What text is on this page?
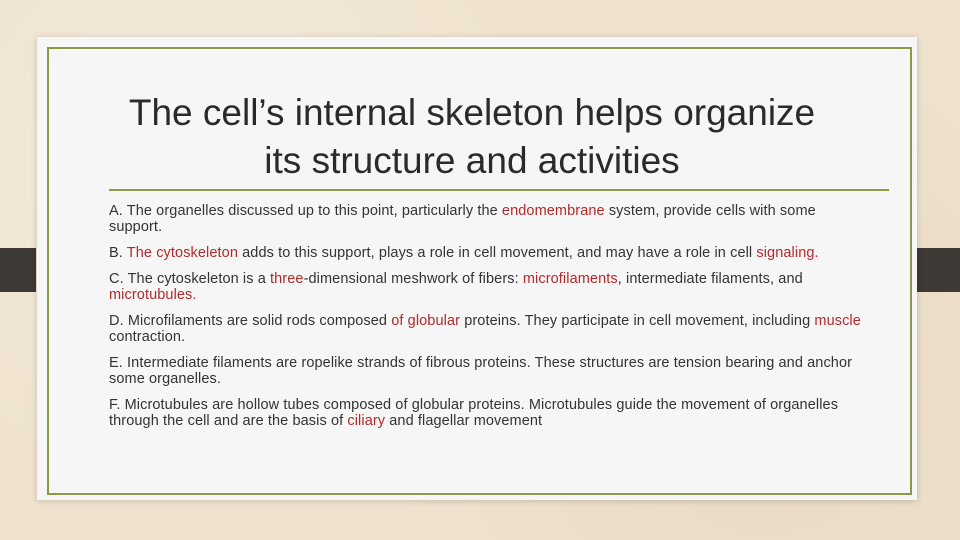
The cell’s internal skeleton helps organize
its structure and activities
A. The organelles discussed up to this point, particularly the endomembrane system, provide cells with some support.
B. The cytoskeleton adds to this support, plays a role in cell movement, and may have a role in cell signaling.
C. The cytoskeleton is a three-dimensional meshwork of fibers: microfilaments, intermediate filaments, and microtubules.
D. Microfilaments are solid rods composed of globular proteins. They participate in cell movement, including muscle contraction.
E. Intermediate filaments are ropelike strands of fibrous proteins. These structures are tension bearing and anchor some organelles.
F. Microtubules are hollow tubes composed of globular proteins. Microtubules guide the movement of organelles through the cell and are the basis of ciliary and flagellar movement
